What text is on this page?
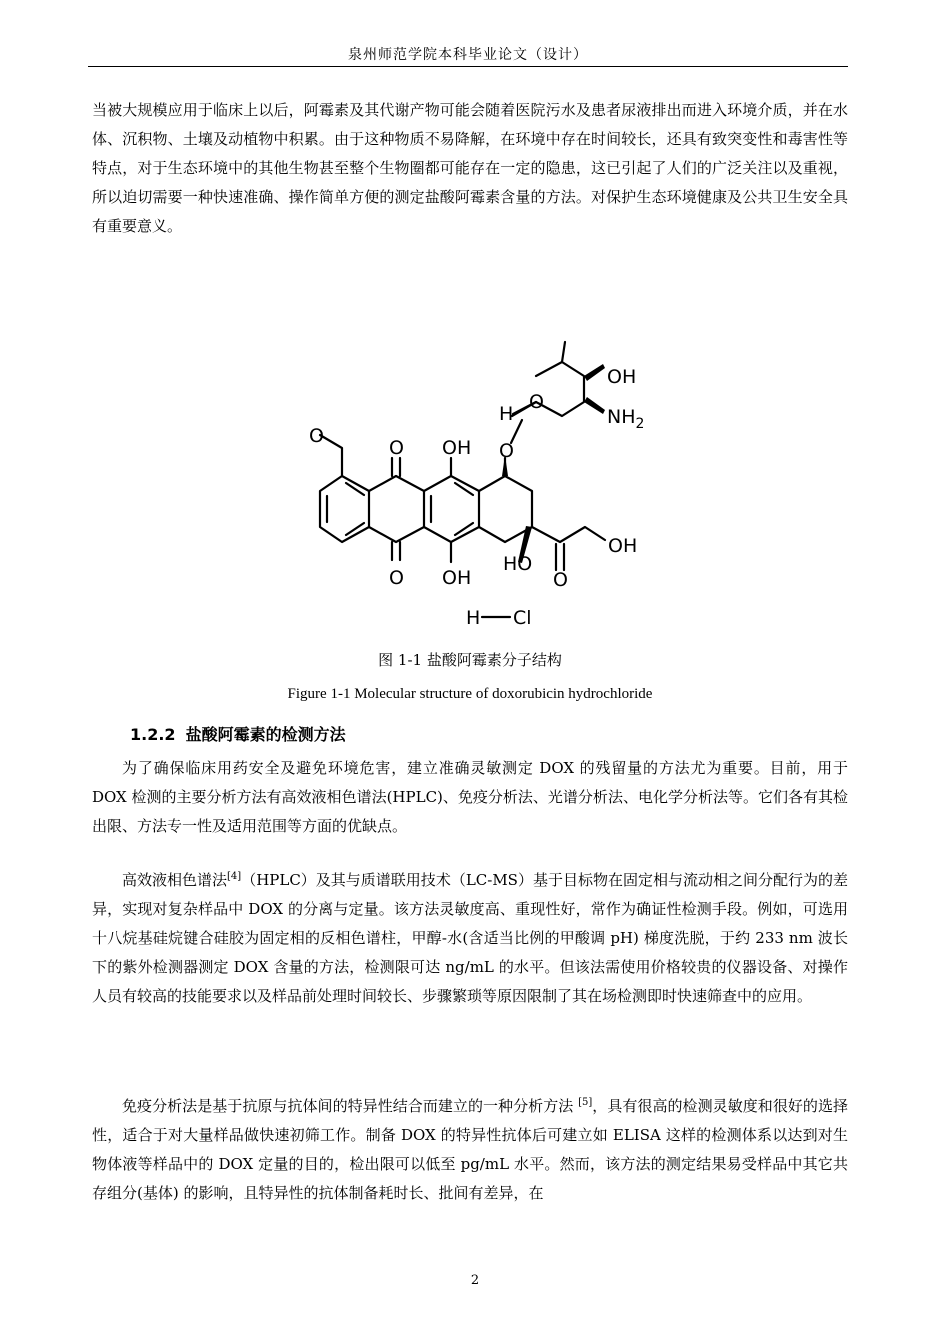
泉州师范学院本科毕业论文（设计）

当被大规模应用于临床上以后，阿霉素及其代谢产物可能会随着医院污水及患者尿液排出而进入环境介质，并在水体、沉积物、土壤及动植物中积累。由于这种物质不易降解，在环境中存在时间较长，还具有致突变性和毒害性等特点，对于生态环境中的其他生物甚至整个生物圈都可能存在一定的隐患，这已引起了人们的广泛关注以及重视，所以迫切需要一种快速准确、操作简单方便的测定盐酸阿霉素含量的方法。对保护生态环境健康及公共卫生安全具有重要意义。

O
O OH
O OH
HO
O
OH
O
H
O
OH
$NH_2$
H Cl
图 1-1 盐酸阿霉素分子结构
Figure 1-1 Molecular structure of doxorubicin hydrochloride
1.2.2 盐酸阿霉素的检测方法

为了确保临床用药安全及避免环境危害，建立准确灵敏测定 DOX 的残留量的方法尤为重要。目前，用于 DOX 检测的主要分析方法有高效液相色谱法(HPLC)、免疫分析法、光谱分析法、电化学分析法等。它们各有其检出限、方法专一性及适用范围等方面的优缺点。

高效液相色谱法[4]（HPLC）及其与质谱联用技术（LC-MS）基于目标物在固定相与流动相之间分配行为的差异，实现对复杂样品中 DOX 的分离与定量。该方法灵敏度高、重现性好，常作为确证性检测手段。例如，可选用十八烷基硅烷键合硅胶为固定相的反相色谱柱，甲醇-水(含适当比例的甲酸调 pH) 梯度洗脱，于约 233 nm 波长下的紫外检测器测定 DOX 含量的方法，检测限可达 ng/mL 的水平。但该法需使用价格较贵的仪器设备、对操作人员有较高的技能要求以及样品前处理时间较长、步骤繁琐等原因限制了其在场检测即时快速筛查中的应用。

免疫分析法是基于抗原与抗体间的特异性结合而建立的一种分析方法 [5]，具有很高的检测灵敏度和很好的选择性，适合于对大量样品做快速初筛工作。制备 DOX 的特异性抗体后可建立如 ELISA 这样的检测体系以达到对生物体液等样品中的 DOX 定量的目的，检出限可以低至 pg/mL 水平。然而，该方法的测定结果易受样品中其它共存组分(基体) 的影响，且特异性的抗体制备耗时长、批间有差异，在

2
